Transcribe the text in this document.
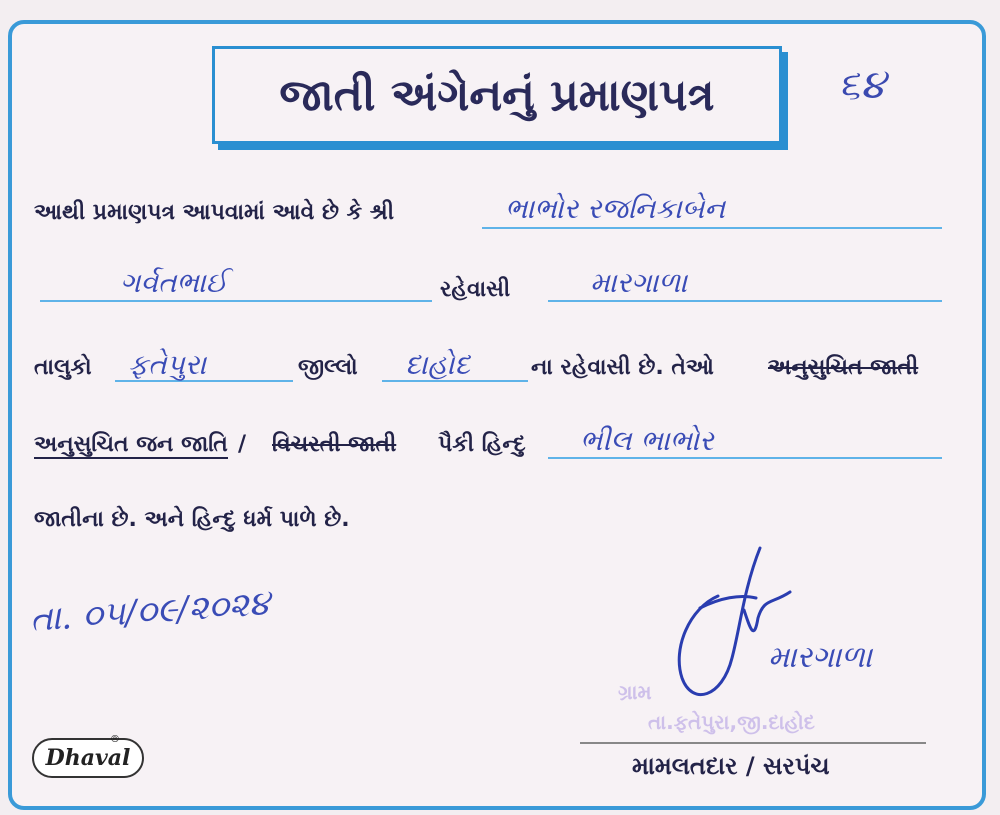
જાતી અંગેનનું પ્રમાણપત્ર	૬૪
આથી પ્રમાણપત્ર આપવામાં આવે છે કે શ્રી	ભાભોર રજનિકાબેન
ગર્વતભાઈ	રહેવાસી	મારગાળા
તાલુકો ફતેપુરા	જીલ્લો દાહોદ	ના રહેવાસી છે. તેઓ અનુસુચિત જાતી
અનુસુચિત જન જાતિ / વિચરતી જાતી પૈકી હિન્દુ ભીલ ભાભોર
જાતીના છે. અને હિન્દુ ધર્મ પાળે છે.
તા. ૦૫/૦૯/૨૦૨૪
ગ્રામ
તા.ફતેપુરા,જી.દાહોદ
મારગાળા
મામલતદાર / સરપંચ
Dhaval
®
